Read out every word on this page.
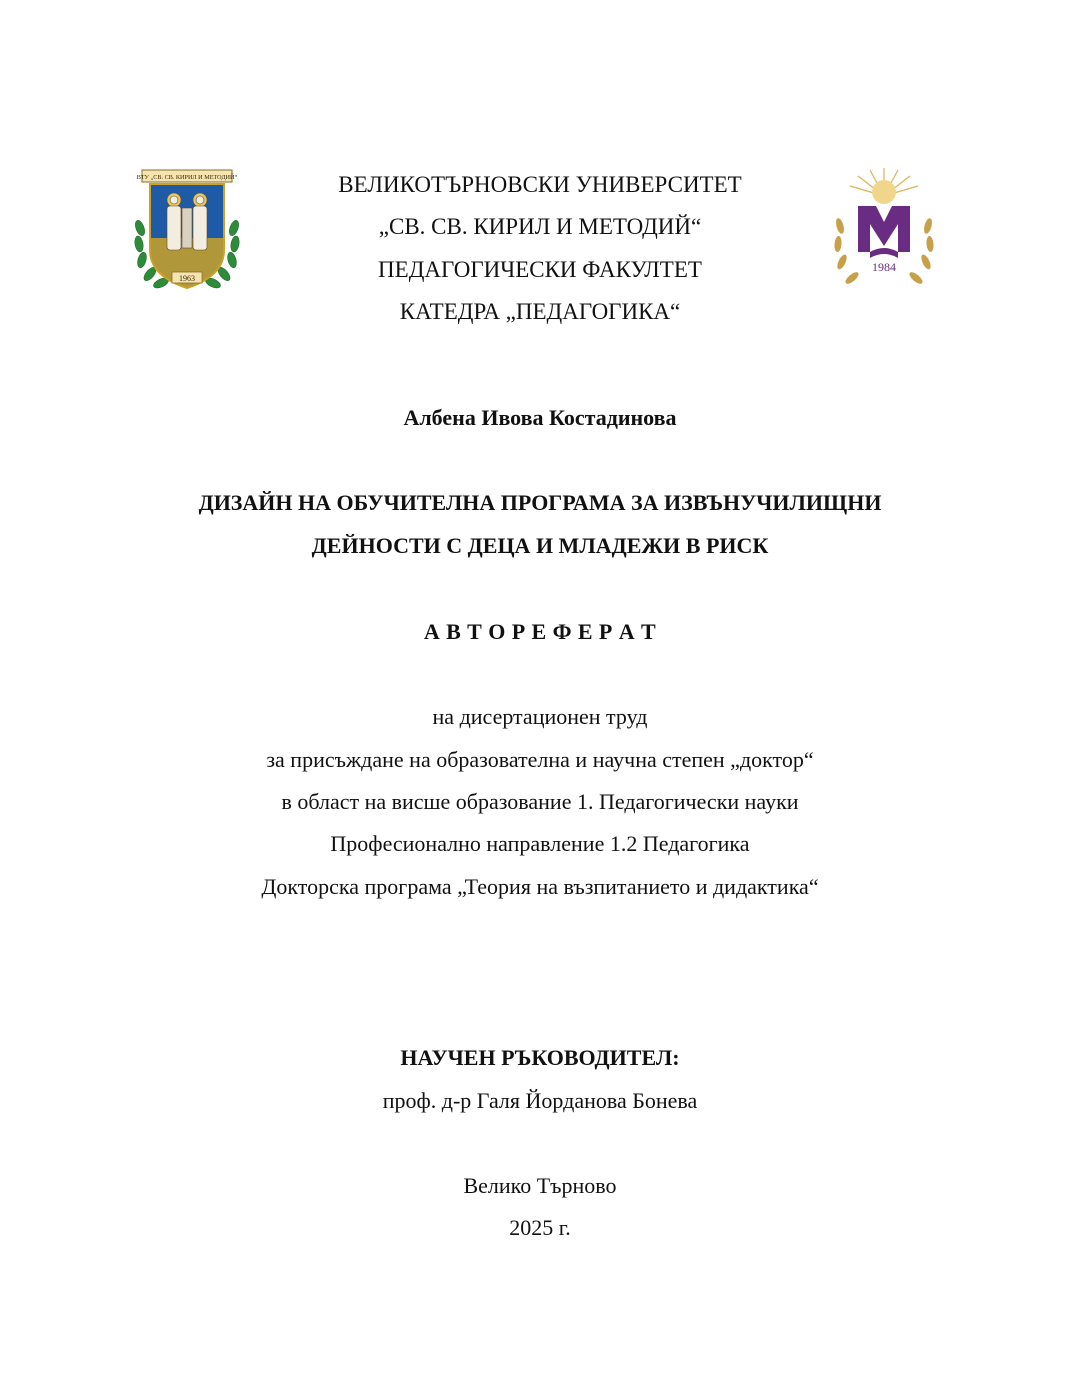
ВТУ „СВ. СВ. КИРИЛ И МЕТОДИЙ“
1963
1984
ВЕЛИКОТЪРНОВСКИ УНИВЕРСИТЕТ
„СВ. СВ. КИРИЛ И МЕТОДИЙ“
ПЕДАГОГИЧЕСКИ ФАКУЛТЕТ
КАТЕДРА „ПЕДАГОГИКА“
Албена Ивова Костадинова
ДИЗАЙН НА ОБУЧИТЕЛНА ПРОГРАМА ЗА ИЗВЪНУЧИЛИЩНИ
ДЕЙНОСТИ С ДЕЦА И МЛАДЕЖИ В РИСК
А В Т О Р Е Ф Е Р А Т
на дисертационен труд
за присъждане на образователна и научна степен „доктор“
в област на висше образование 1. Педагогически науки
Професионално направление 1.2 Педагогика
Докторска програма „Теория на възпитанието и дидактика“
НАУЧЕН РЪКОВОДИТЕЛ:
проф. д-р Галя Йорданова Бонева
Велико Търново
2025 г.
